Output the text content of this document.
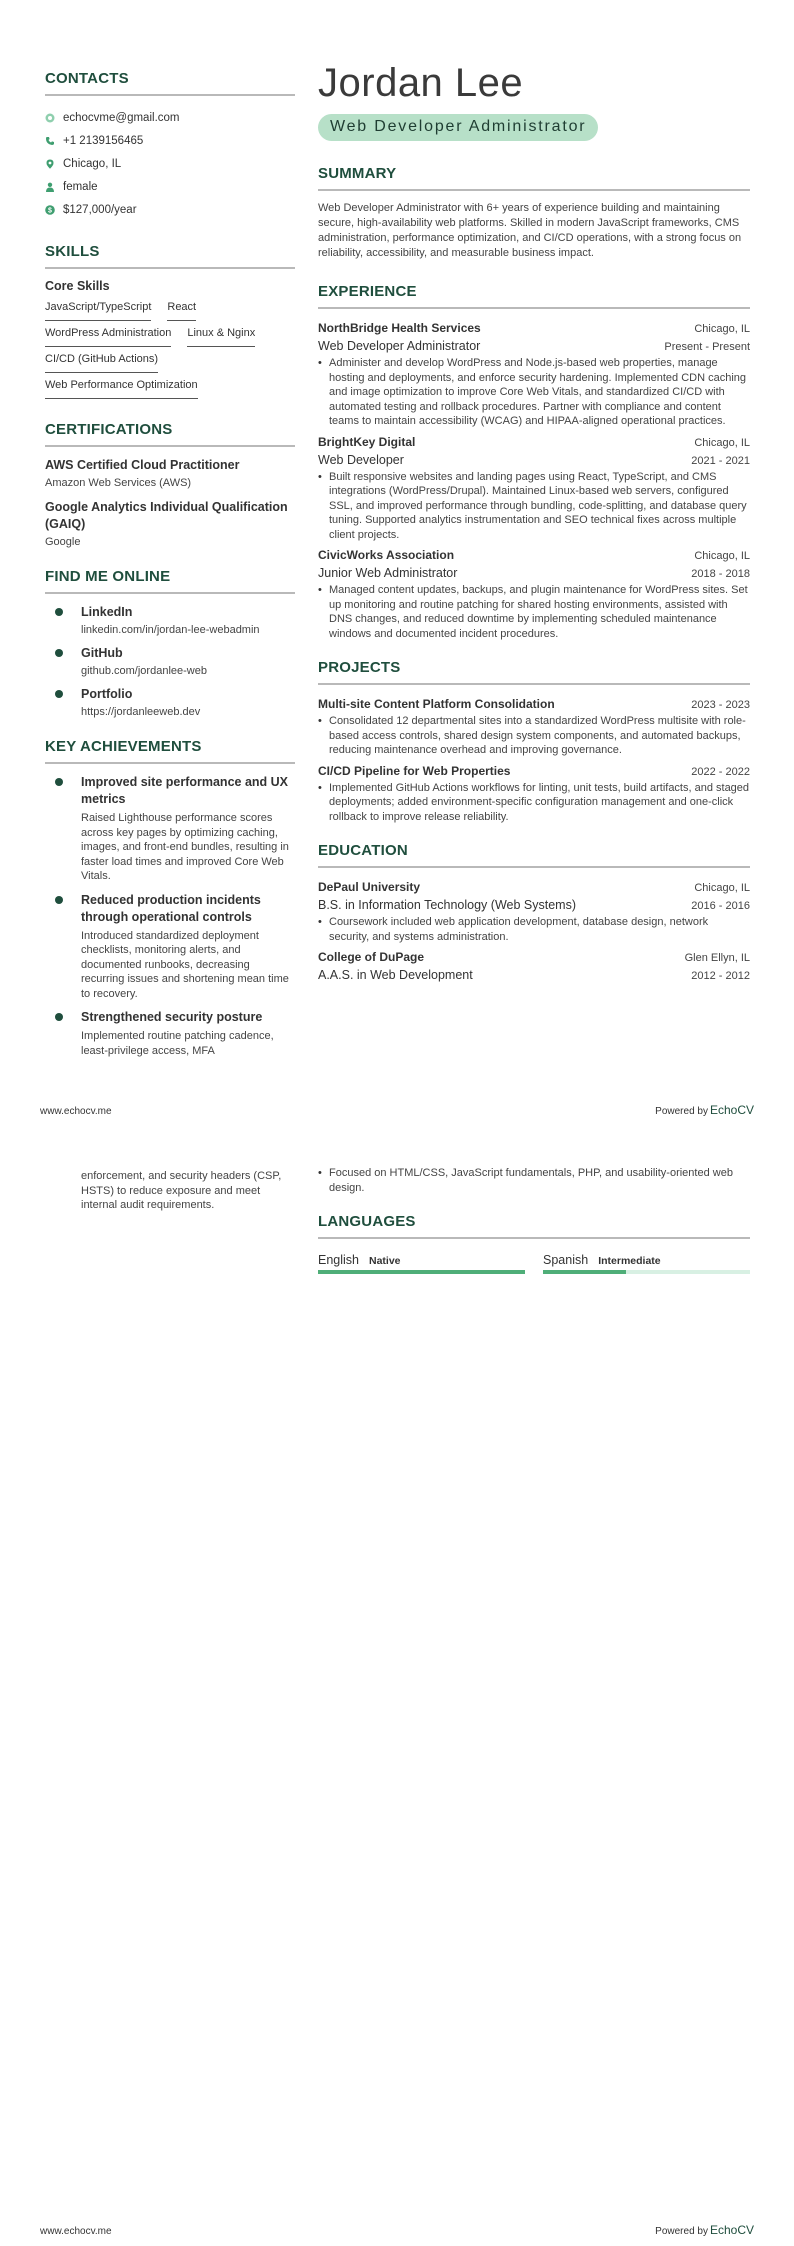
CONTACTS
echocvme@gmail.com
+1 2139156465
Chicago, IL
female
$ $127,000/year
SKILLS
Core Skills
JavaScript/TypeScript React
WordPress Administration Linux & Nginx
CI/CD (GitHub Actions)
Web Performance Optimization
CERTIFICATIONS
AWS Certified Cloud Practitioner
Amazon Web Services (AWS)
Google Analytics Individual Qualification (GAIQ)
Google
FIND ME ONLINE
LinkedIn
linkedin.com/in/jordan-lee-webadmin
GitHub
github.com/jordanlee-web
Portfolio
https://jordanleeweb.dev
KEY ACHIEVEMENTS
Improved site performance and UX metrics
Raised Lighthouse performance scores across key pages by optimizing caching, images, and front-end bundles, resulting in faster load times and improved Core Web Vitals.
Reduced production incidents through operational controls
Introduced standardized deployment checklists, monitoring alerts, and documented runbooks, decreasing recurring issues and shortening mean time to recovery.
Strengthened security posture
Implemented routine patching cadence, least-privilege access, MFA
Jordan Lee
Web Developer Administrator
SUMMARY
Web Developer Administrator with 6+ years of experience building and maintaining secure, high-availability web platforms. Skilled in modern JavaScript frameworks, CMS administration, performance optimization, and CI/CD operations, with a strong focus on reliability, accessibility, and measurable business impact.
EXPERIENCE
NorthBridge Health Services	Chicago, IL
Web Developer Administrator	Present - Present
• Administer and develop WordPress and Node.js-based web properties, manage hosting and deployments, and enforce security hardening. Implemented CDN caching and image optimization to improve Core Web Vitals, and standardized CI/CD with automated testing and rollback procedures. Partner with compliance and content teams to maintain accessibility (WCAG) and HIPAA-aligned operational practices.
BrightKey Digital	Chicago, IL
Web Developer	2021 - 2021
• Built responsive websites and landing pages using React, TypeScript, and CMS integrations (WordPress/Drupal). Maintained Linux-based web servers, configured SSL, and improved performance through bundling, code-splitting, and database query tuning. Supported analytics instrumentation and SEO technical fixes across multiple client projects.
CivicWorks Association	Chicago, IL
Junior Web Administrator	2018 - 2018
• Managed content updates, backups, and plugin maintenance for WordPress sites. Set up monitoring and routine patching for shared hosting environments, assisted with DNS changes, and reduced downtime by implementing scheduled maintenance windows and documented incident procedures.
PROJECTS
Multi-site Content Platform Consolidation	2023 - 2023
• Consolidated 12 departmental sites into a standardized WordPress multisite with role-based access controls, shared design system components, and automated backups, reducing maintenance overhead and improving governance.
CI/CD Pipeline for Web Properties	2022 - 2022
• Implemented GitHub Actions workflows for linting, unit tests, build artifacts, and staged deployments; added environment-specific configuration management and one-click rollback to improve release reliability.
EDUCATION
DePaul University	Chicago, IL
B.S. in Information Technology (Web Systems)	2016 - 2016
• Coursework included web application development, database design, network security, and systems administration.
College of DuPage	Glen Ellyn, IL
A.A.S. in Web Development	2012 - 2012
www.echocv.me	Powered by EchoCV
enforcement, and security headers (CSP, HSTS) to reduce exposure and meet internal audit requirements.
• Focused on HTML/CSS, JavaScript fundamentals, PHP, and usability-oriented web design.
LANGUAGES
English Native	Spanish Intermediate
www.echocv.me	Powered by EchoCV
